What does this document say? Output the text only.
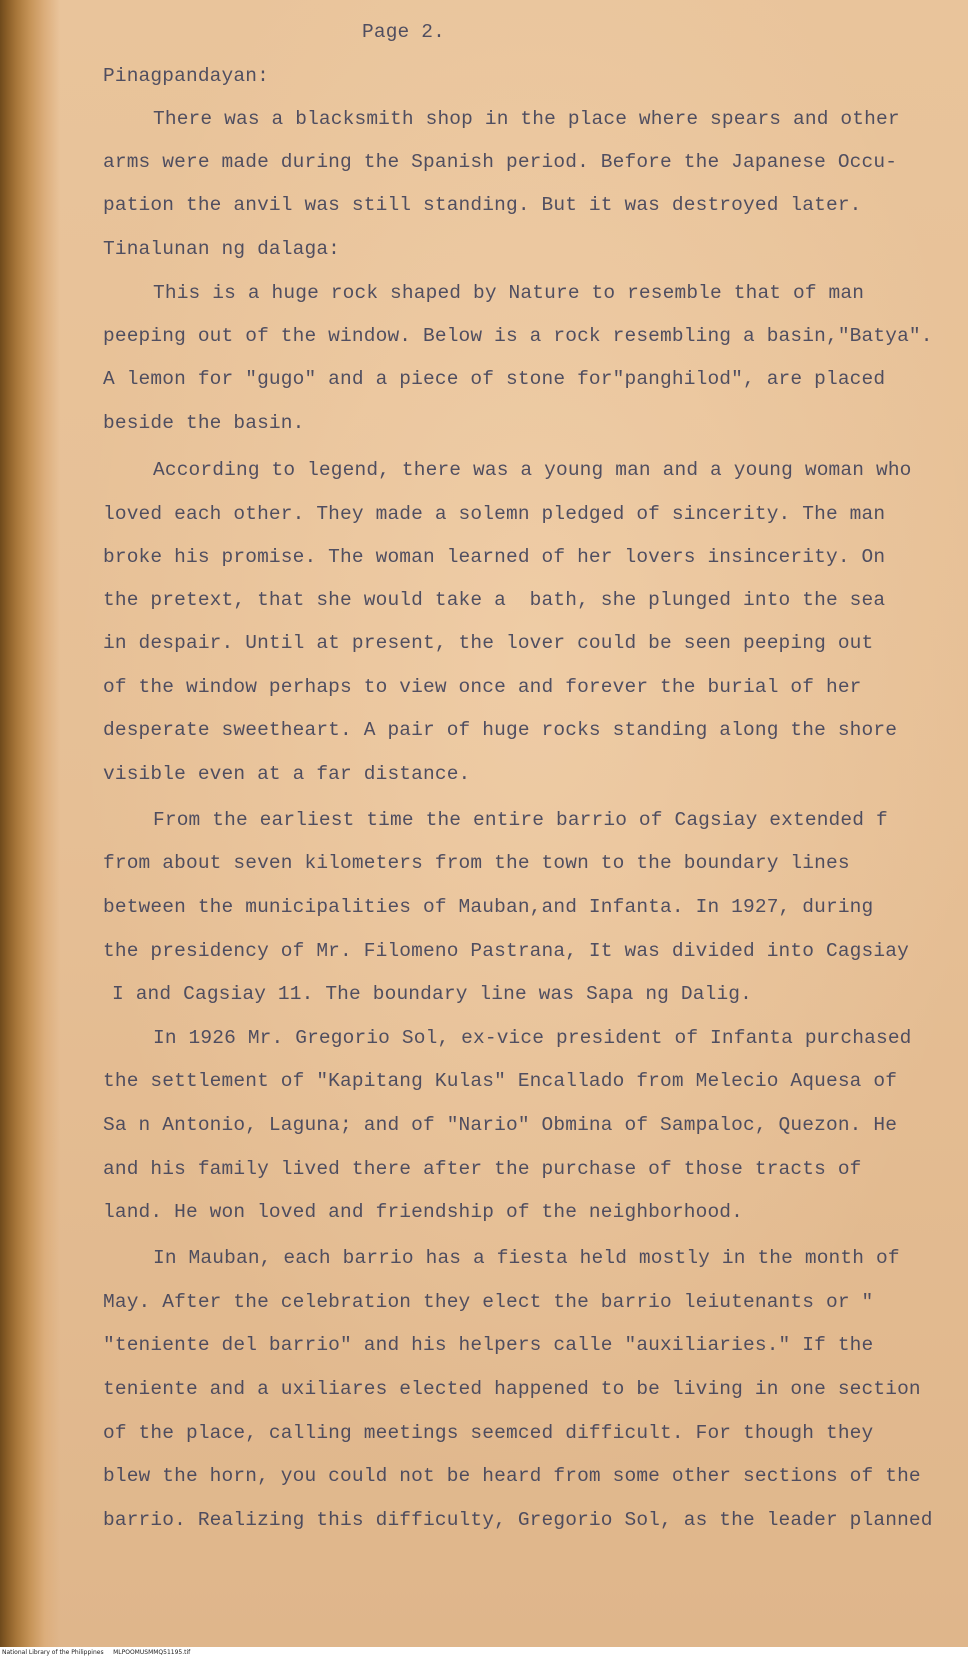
Page 2.

Pinagpandayan:

There was a blacksmith shop in the place where spears and other

arms were made during the Spanish period. Before the Japanese Occu-

pation the anvil was still standing. But it was destroyed later.

Tinalunan ng dalaga:

This is a huge rock shaped by Nature to resemble that of man

peeping out of the window. Below is a rock resembling a basin,"Batya".

A lemon for "gugo" and a piece of stone for"panghilod", are placed

beside the basin.

According to legend, there was a young man and a young woman who

loved each other. They made a solemn pledged of sincerity. The man

broke his promise. The woman learned of her lovers insincerity. On

the pretext, that she would take a  bath, she plunged into the sea

in despair. Until at present, the lover could be seen peeping out

of the window perhaps to view once and forever the burial of her

desperate sweetheart. A pair of huge rocks standing along the shore

visible even at a far distance.

From the earliest time the entire barrio of Cagsiay extended f

from about seven kilometers from the town to the boundary lines

between the municipalities of Mauban,and Infanta. In 1927, during

the presidency of Mr. Filomeno Pastrana, It was divided into Cagsiay

I and Cagsiay 11. The boundary line was Sapa ng Dalig.

In 1926 Mr. Gregorio Sol, ex-vice president of Infanta purchased

the settlement of "Kapitang Kulas" Encallado from Melecio Aquesa of

Sa n Antonio, Laguna; and of "Nario" Obmina of Sampaloc, Quezon. He

and his family lived there after the purchase of those tracts of

land. He won loved and friendship of the neighborhood.

In Mauban, each barrio has a fiesta held mostly in the month of

May. After the celebration they elect the barrio leiutenants or "

"teniente del barrio" and his helpers calle "auxiliaries." If the

teniente and a uxiliares elected happened to be living in one section

of the place, calling meetings seemced difficult. For though they

blew the horn, you could not be heard from some other sections of the

barrio. Realizing this difficulty, Gregorio Sol, as the leader planned

National Library of the Philippines     MLPOOMUSMMQ51195.tif
